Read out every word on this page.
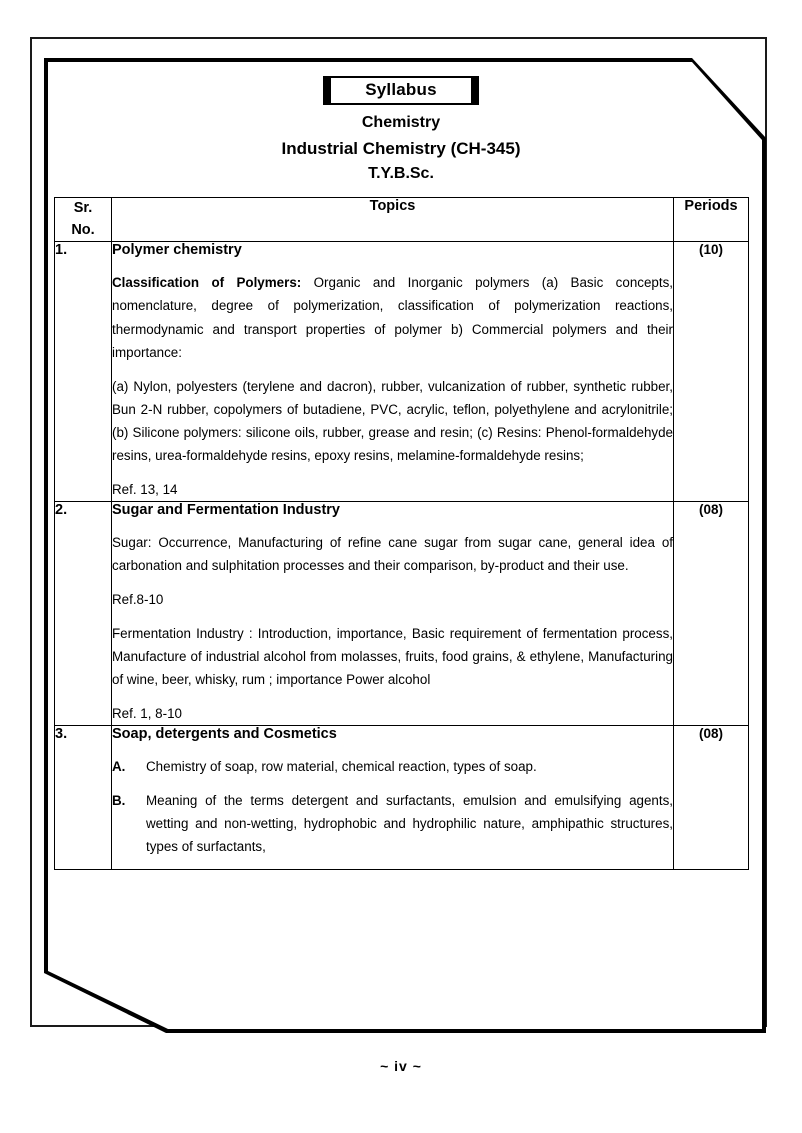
Syllabus
Chemistry
Industrial Chemistry (CH-345)
T.Y.B.Sc.
Sr.
No.	Topics	Periods
1.	Polymer chemistry

Classification of Polymers: Organic and Inorganic polymers (a) Basic concepts, nomenclature, degree of polymerization, classification of polymerization reactions, thermodynamic and transport properties of polymer b) Commercial polymers and their importance:

(a) Nylon, polyesters (terylene and dacron), rubber, vulcanization of rubber, synthetic rubber, Bun 2-N rubber, copolymers of butadiene, PVC, acrylic, teflon, polyethylene and acrylonitrile; (b) Silicone polymers: silicone oils, rubber, grease and resin; (c) Resins: Phenol-formaldehyde resins, urea-formaldehyde resins, epoxy resins, melamine-formaldehyde resins;

Ref. 13, 14	(10)
2.	Sugar and Fermentation Industry

Sugar: Occurrence, Manufacturing of refine cane sugar from sugar cane, general idea of carbonation and sulphitation processes and their comparison, by-product and their use.

Ref.8-10

Fermentation Industry : Introduction, importance, Basic requirement of fermentation process, Manufacture of industrial alcohol from molasses, fruits, food grains, & ethylene, Manufacturing of wine, beer, whisky, rum ; importance Power alcohol

Ref. 1, 8-10	(08)
3.	Soap, detergents and Cosmetics
A. Chemistry of soap, row material, chemical reaction, types of soap.
B. Meaning of the terms detergent and surfactants, emulsion and emulsifying agents, wetting and non-wetting, hydrophobic and hydrophilic nature, amphipathic structures, types of surfactants,	(08)
~ iv ~
